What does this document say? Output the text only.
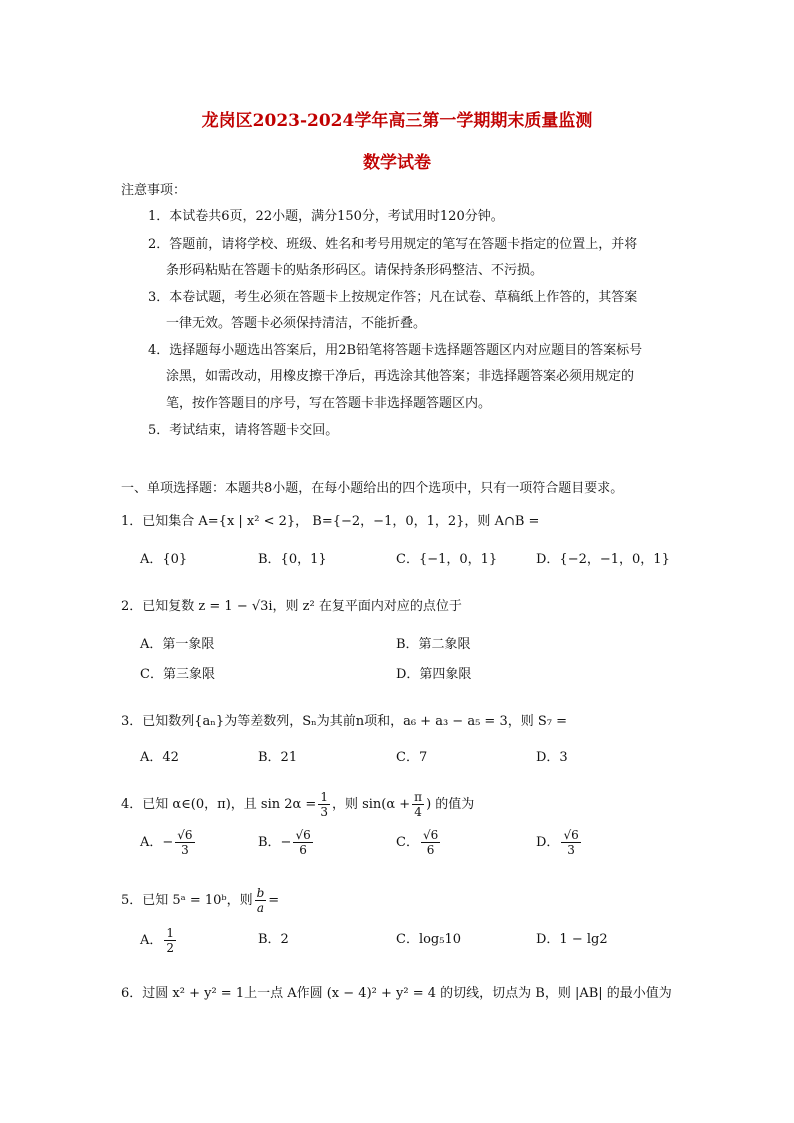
龙岗区2023-2024学年高三第一学期期末质量监测
数学试卷
注意事项：
1．本试卷共6页，22小题，满分150分，考试用时120分钟。
2．答题前，请将学校、班级、姓名和考号用规定的笔写在答题卡指定的位置上，并将
条形码粘贴在答题卡的贴条形码区。请保持条形码整洁、不污损。
3．本卷试题，考生必须在答题卡上按规定作答；凡在试卷、草稿纸上作答的，其答案
一律无效。答题卡必须保持清洁，不能折叠。
4．选择题每小题选出答案后，用2B铅笔将答题卡选择题答题区内对应题目的答案标号
涂黑，如需改动，用橡皮擦干净后，再选涂其他答案；非选择题答案必须用规定的
笔，按作答题目的序号，写在答题卡非选择题答题区内。
5．考试结束，请将答题卡交回。
一、单项选择题：本题共8小题，在每小题给出的四个选项中，只有一项符合题目要求。
1．已知集合 A={x | x² < 2}， B={−2，−1，0，1，2}，则 A∩B =
A．{0}	B．{0，1}	C．{−1，0，1}	D．{−2，−1，0，1}
2．已知复数 z = 1 − √3i，则 z² 在复平面内对应的点位于
A．第一象限	B．第二象限
C．第三象限	D．第四象限
3．已知数列{aₙ}为等差数列，Sₙ为其前n项和，a₆ + a₃ − a₅ = 3，则 S₇ =
A．42	B．21	C．7	D．3
4．已知 α∈(0，π)，且 $\sin 2\alpha = \frac{1}{3}$ ，则 $\sin(\alpha + \frac{\pi}{4}$ ) 的值为
A．− $\frac{√6}{3}$	B．− $\frac{√6}{6}$	C． $\frac{√6}{6}$	D． $\frac{√6}{3}$
5．已知 5ᵃ = 10ᵇ，则 $\frac{b}{a}$ =
A． $\frac{1}{2}$	B．2	C．log₅10	D．1 − lg2
6．过圆 x² + y² = 1上一点 A作圆 (x − 4)² + y² = 4 的切线，切点为 B，则 |AB| 的最小值为
